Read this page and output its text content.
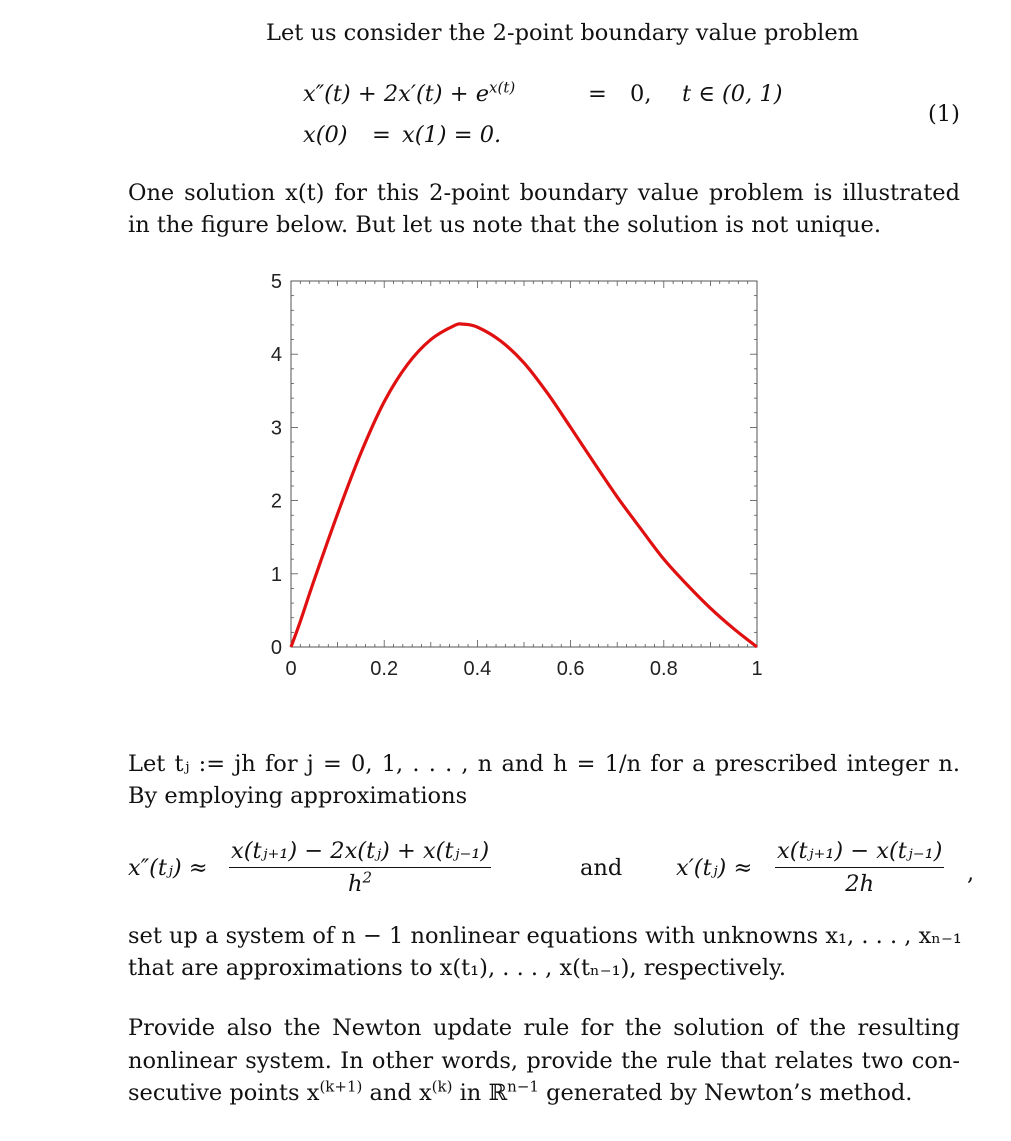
Let us consider the 2-point boundary value problem
$x''(t) + 2x'(t) + e^{x(t)}$	= 0, t ∈ (0, 1)
x(0) = x(1) = 0.
(1)
One solution x(t) for this 2-point boundary value problem is illustrated
in the figure below. But let us note that the solution is not unique.
0	0.2	0.4	0.6	0.8	1
0
1
2
3
4
5
Let tⱼ := jh for j = 0, 1, . . . , n and h = 1/n for a prescribed integer n.
By employing approximations
x″(tⱼ) ≈ $\frac{\text{x(tⱼ₊₁) − 2x(tⱼ) + x(tⱼ₋₁)}}{h^2}$	and x′(tⱼ) ≈ $\frac{\text{x(tⱼ₊₁) − x(tⱼ₋₁)}}{2h}$ ,
set up a system of n − 1 nonlinear equations with unknowns x₁, . . . , xₙ₋₁
that are approximations to x(t₁), . . . , x(tₙ₋₁), respectively.
Provide also the Newton update rule for the solution of the resulting
nonlinear system. In other words, provide the rule that relates two con-
secutive points $x^{(k+1)}$ and $x^{(k)}$ in ℝ$^{n-1}$ generated by Newton’s method.
